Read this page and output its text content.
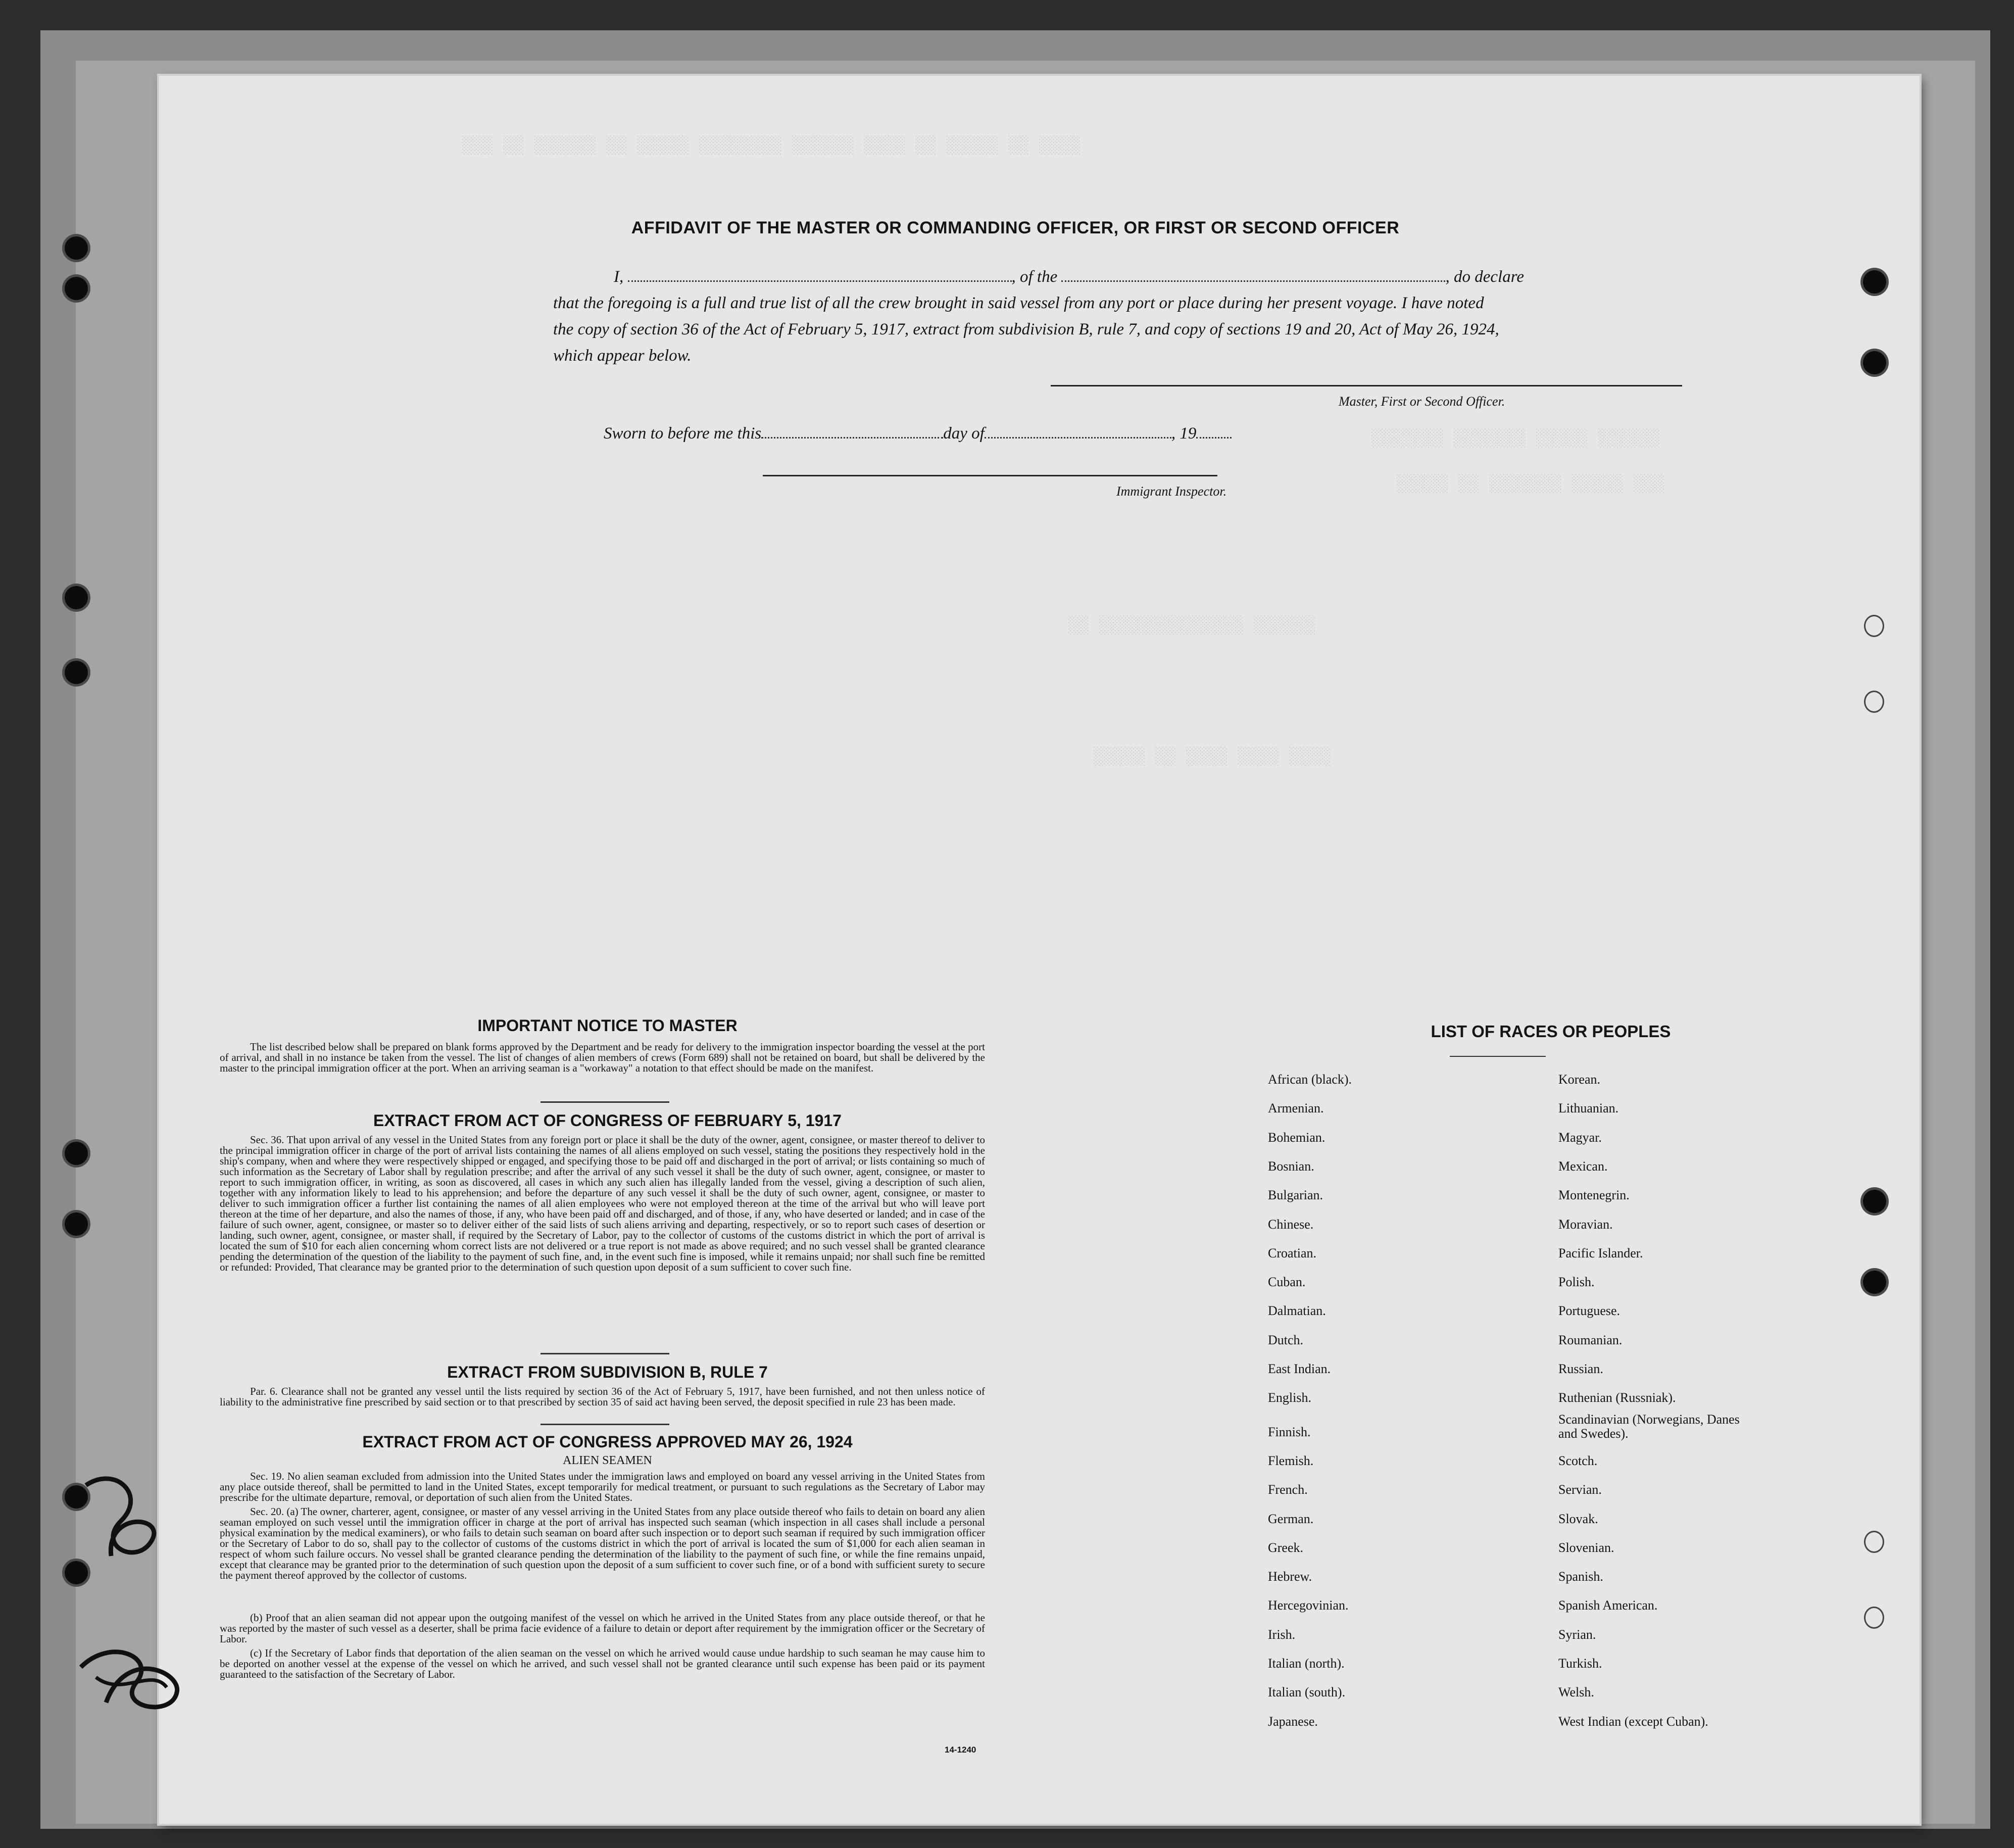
░░░ ░░ ░░░░░░ ░░ ░░░░░ ░░░░░░░░ ░░░░░░ ░░░░ ░░ ░░░░░ ░░ ░░░░
░░░░░░░ ░░░░░░░ ░░░░░ ░░░░░░
░░░░░ ░░ ░░░░░░░ ░░░░░ ░░░
░░ ░░░░░░░░░░░░░░ ░░░░░░
░░░░░ ░░ ░░░░ ░░░░ ░░░░
AFFIDAVIT OF THE MASTER OR COMMANDING OFFICER, OR FIRST OR SECOND OFFICER
I,	, of the	, do declare
that the foregoing is a full and true list of all the crew brought in said vessel from any port or place during her present voyage. I have noted
the copy of section 36 of the Act of February 5, 1917, extract from subdivision B, rule 7, and copy of sections 19 and 20, Act of May 26, 1924,
which appear below.
Master, First or Second Officer.
Sworn to before me this	day of	, 19
Immigrant Inspector.
IMPORTANT NOTICE TO MASTER
The list described below shall be prepared on blank forms approved by the Department and be ready for delivery to the immigration inspector boarding the vessel at the port of arrival, and shall in no instance be taken from the vessel. The list of changes of alien members of crews (Form 689) shall not be retained on board, but shall be delivered by the master to the principal immigration officer at the port. When an arriving seaman is a "workaway" a notation to that effect should be made on the manifest.
EXTRACT FROM ACT OF CONGRESS OF FEBRUARY 5, 1917
Sec. 36. That upon arrival of any vessel in the United States from any foreign port or place it shall be the duty of the owner, agent, consignee, or master thereof to deliver to the principal immigration officer in charge of the port of arrival lists containing the names of all aliens employed on such vessel, stating the positions they respectively hold in the ship's company, when and where they were respectively shipped or engaged, and specifying those to be paid off and discharged in the port of arrival; or lists containing so much of such information as the Secretary of Labor shall by regulation prescribe; and after the arrival of any such vessel it shall be the duty of such owner, agent, consignee, or master to report to such immigration officer, in writing, as soon as discovered, all cases in which any such alien has illegally landed from the vessel, giving a description of such alien, together with any information likely to lead to his apprehension; and before the departure of any such vessel it shall be the duty of such owner, agent, consignee, or master to deliver to such immigration officer a further list containing the names of all alien employees who were not employed thereon at the time of the arrival but who will leave port thereon at the time of her departure, and also the names of those, if any, who have been paid off and discharged, and of those, if any, who have deserted or landed; and in case of the failure of such owner, agent, consignee, or master so to deliver either of the said lists of such aliens arriving and departing, respectively, or so to report such cases of desertion or landing, such owner, agent, consignee, or master shall, if required by the Secretary of Labor, pay to the collector of customs of the customs district in which the port of arrival is located the sum of $10 for each alien concerning whom correct lists are not delivered or a true report is not made as above required; and no such vessel shall be granted clearance pending the determination of the question of the liability to the payment of such fine, and, in the event such fine is imposed, while it remains unpaid; nor shall such fine be remitted or refunded: Provided, That clearance may be granted prior to the determination of such question upon deposit of a sum sufficient to cover such fine.
EXTRACT FROM SUBDIVISION B, RULE 7
Par. 6. Clearance shall not be granted any vessel until the lists required by section 36 of the Act of February 5, 1917, have been furnished, and not then unless notice of liability to the administrative fine prescribed by said section or to that prescribed by section 35 of said act having been served, the deposit specified in rule 23 has been made.
EXTRACT FROM ACT OF CONGRESS APPROVED MAY 26, 1924
ALIEN SEAMEN
Sec. 19. No alien seaman excluded from admission into the United States under the immigration laws and employed on board any vessel arriving in the United States from any place outside thereof, shall be permitted to land in the United States, except temporarily for medical treatment, or pursuant to such regulations as the Secretary of Labor may prescribe for the ultimate departure, removal, or deportation of such alien from the United States.
Sec. 20. (a) The owner, charterer, agent, consignee, or master of any vessel arriving in the United States from any place outside thereof who fails to detain on board any alien seaman employed on such vessel until the immigration officer in charge at the port of arrival has inspected such seaman (which inspection in all cases shall include a personal physical examination by the medical examiners), or who fails to detain such seaman on board after such inspection or to deport such seaman if required by such immigration officer or the Secretary of Labor to do so, shall pay to the collector of customs of the customs district in which the port of arrival is located the sum of $1,000 for each alien seaman in respect of whom such failure occurs. No vessel shall be granted clearance pending the determination of the liability to the payment of such fine, or while the fine remains unpaid, except that clearance may be granted prior to the determination of such question upon the deposit of a sum sufficient to cover such fine, or of a bond with sufficient surety to secure the payment thereof approved by the collector of customs.
(b) Proof that an alien seaman did not appear upon the outgoing manifest of the vessel on which he arrived in the United States from any place outside thereof, or that he was reported by the master of such vessel as a deserter, shall be prima facie evidence of a failure to detain or deport after requirement by the immigration officer or the Secretary of Labor.
(c) If the Secretary of Labor finds that deportation of the alien seaman on the vessel on which he arrived would cause undue hardship to such seaman he may cause him to be deported on another vessel at the expense of the vessel on which he arrived, and such vessel shall not be granted clearance until such expense has been paid or its payment guaranteed to the satisfaction of the Secretary of Labor.
14-1240
LIST OF RACES OR PEOPLES
African (black).
Armenian.
Bohemian.
Bosnian.
Bulgarian.
Chinese.
Croatian.
Cuban.
Dalmatian.
Dutch.
East Indian.
English.
Finnish.
Flemish.
French.
German.
Greek.
Hebrew.
Hercegovinian.
Irish.
Italian (north).
Italian (south).
Japanese.
Korean.
Lithuanian.
Magyar.
Mexican.
Montenegrin.
Moravian.
Pacific Islander.
Polish.
Portuguese.
Roumanian.
Russian.
Ruthenian (Russniak).
Scandinavian (Norwegians, Danes and Swedes).
Scotch.
Servian.
Slovak.
Slovenian.
Spanish.
Spanish American.
Syrian.
Turkish.
Welsh.
West Indian (except Cuban).
